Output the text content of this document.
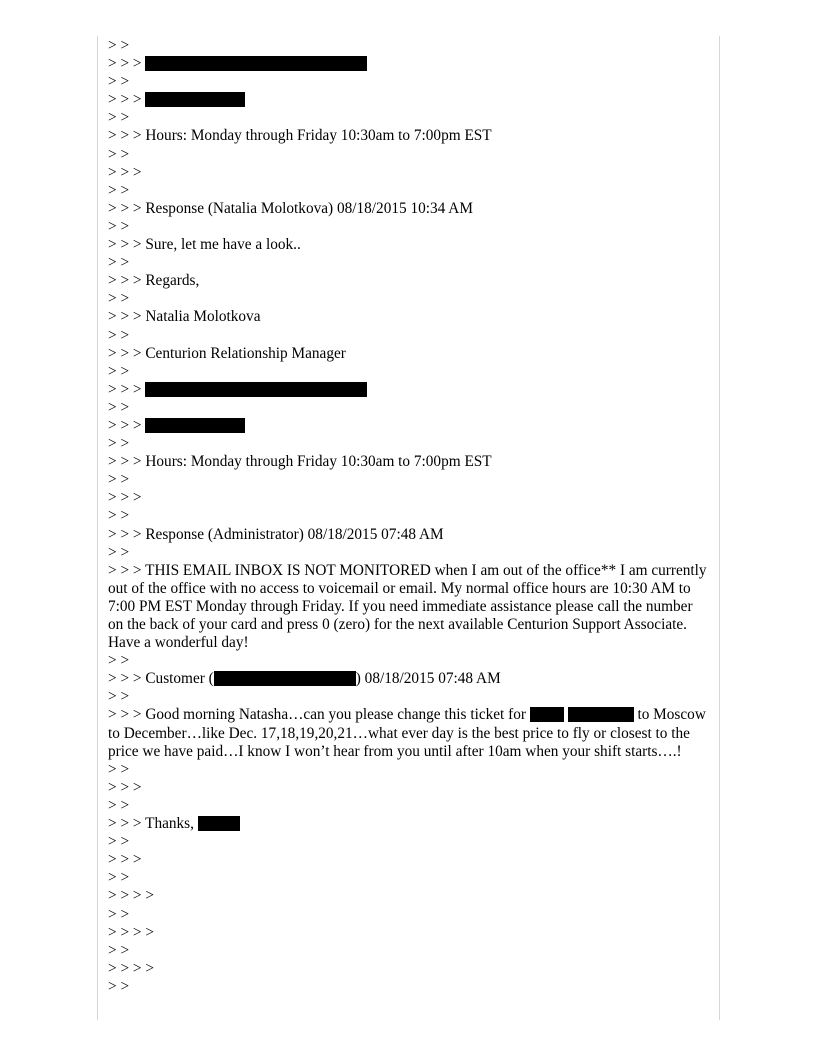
> >
> > >
> >
> > >
> >
> > > Hours: Monday through Friday 10:30am to 7:00pm EST
> >
> > >
> >
> > > Response (Natalia Molotkova) 08/18/2015 10:34 AM
> >
> > > Sure, let me have a look..
> >
> > > Regards,
> >
> > > Natalia Molotkova
> >
> > > Centurion Relationship Manager
> >
> > >
> >
> > >
> >
> > > Hours: Monday through Friday 10:30am to 7:00pm EST
> >
> > >
> >
> > > Response (Administrator) 08/18/2015 07:48 AM
> >
> > > THIS EMAIL INBOX IS NOT MONITORED when I am out of the office** I am currently out of the office with no access to voicemail or email. My normal office hours are 10:30 AM to 7:00 PM EST Monday through Friday. If you need immediate assistance please call the number on the back of your card and press 0 (zero) for the next available Centurion Support Associate. Have a wonderful day!
> >
> > > Customer (	) 08/18/2015 07:48 AM
> >
> > > Good morning Natasha…can you please change this ticket for	to Moscow to December…like Dec. 17,18,19,20,21…what ever day is the best price to fly or closest to the price we have paid…I know I won’t hear from you until after 10am when your shift starts….!
> >
> > >
> >
> > > Thanks,
> >
> > >
> >
> > > >
> >
> > > >
> >
> > > >
> >
